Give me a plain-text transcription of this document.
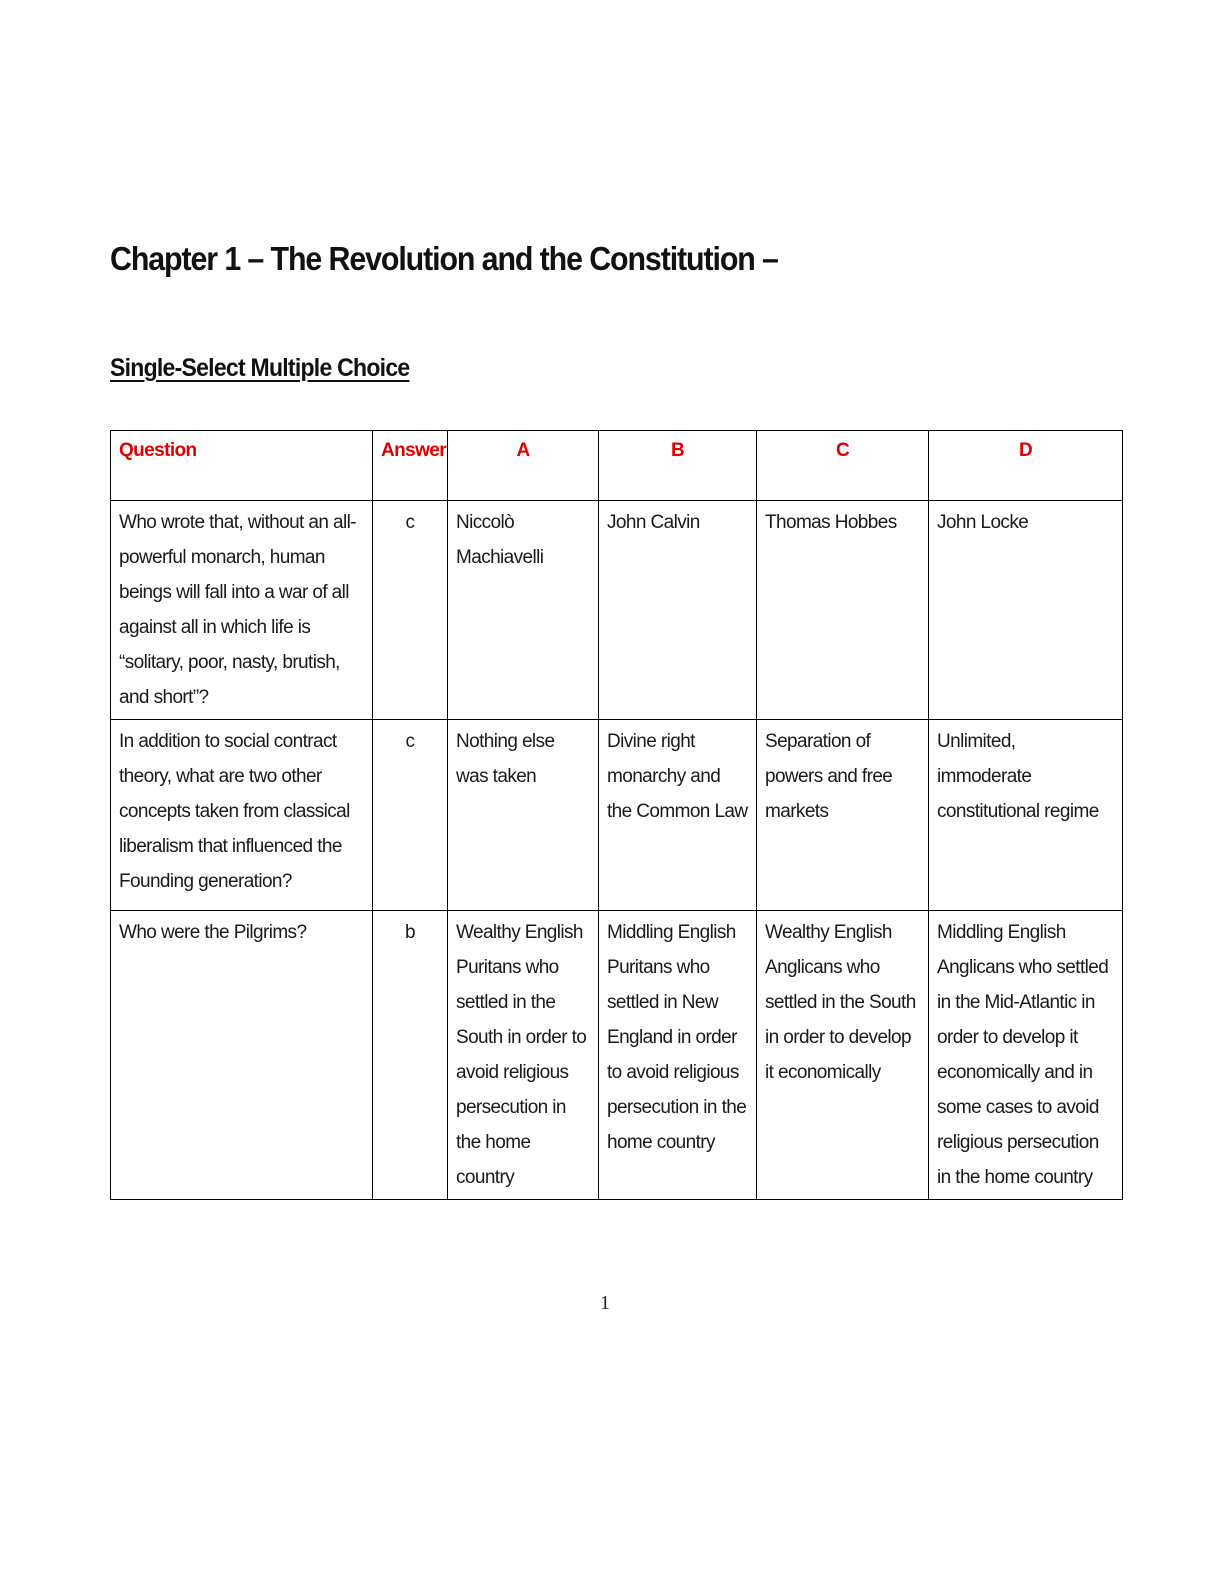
Chapter 1 – The Revolution and the Constitution –
Single-Select Multiple Choice
Question	Answer	A	B	C	D
Who wrote that, without an all-powerful monarch, human beings will fall into a war of all against all in which life is “solitary, poor, nasty, brutish, and short”?	c	Niccolò Machiavelli	John Calvin	Thomas Hobbes	John Locke
In addition to social contract theory, what are two other concepts taken from classical liberalism that influenced the Founding generation?	c	Nothing else was taken	Divine right monarchy and the Common Law	Separation of powers and free markets	Unlimited, immoderate constitutional regime
Who were the Pilgrims?	b	Wealthy English Puritans who settled in the South in order to avoid religious persecution in the home country	Middling English Puritans who settled in New England in order to avoid religious persecution in the home country	Wealthy English Anglicans who settled in the South in order to develop it economically	Middling English Anglicans who settled in the Mid-Atlantic in order to develop it economically and in some cases to avoid religious persecution in the home country
1
